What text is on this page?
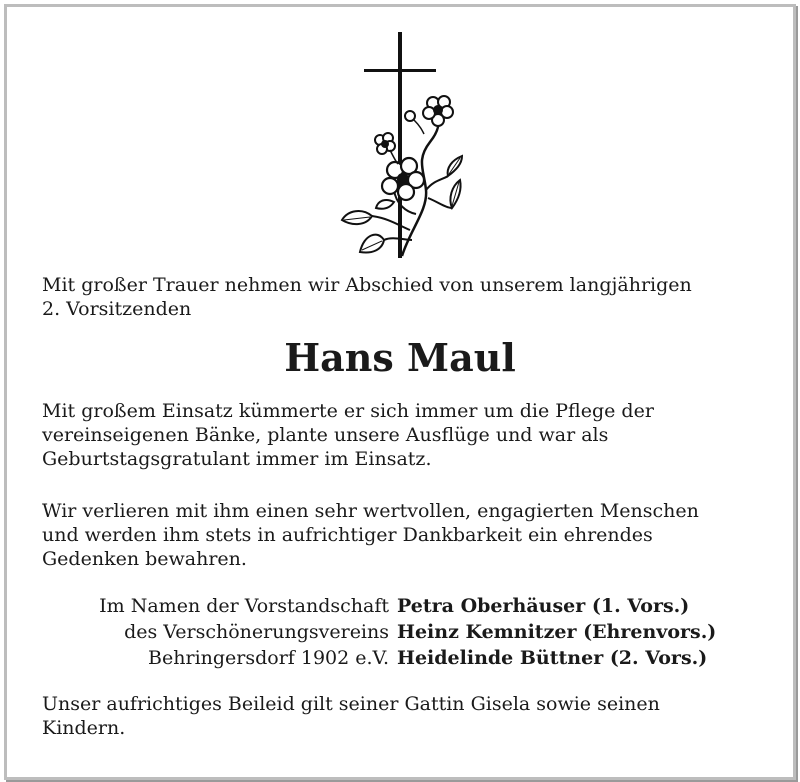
Mit großer Trauer nehmen wir Abschied von unserem langjährigen
2. Vorsitzenden

Hans Maul

Mit großem Einsatz kümmerte er sich immer um die Pflege der
vereinseigenen Bänke, plante unsere Ausflüge und war als
Geburtstagsgratulant immer im Einsatz.

Wir verlieren mit ihm einen sehr wertvollen, engagierten Menschen
und werden ihm stets in aufrichtiger Dankbarkeit ein ehrendes
Gedenken bewahren.

Im Namen der Vorstandschaft Petra Oberhäuser (1. Vors.)
des Verschönerungsvereins Heinz Kemnitzer (Ehrenvors.)
Behringersdorf 1902 e.V. Heidelinde Büttner (2. Vors.)

Unser aufrichtiges Beileid gilt seiner Gattin Gisela sowie seinen
Kindern.
